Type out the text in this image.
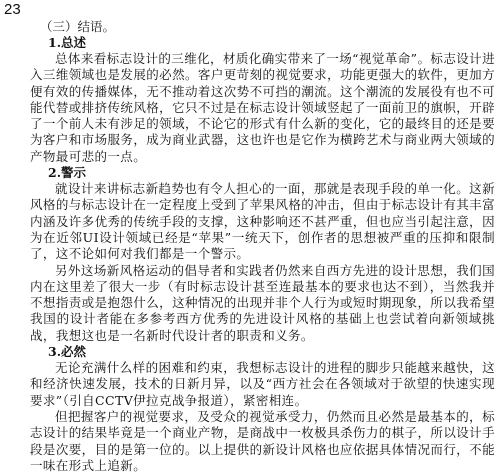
23
（三）结语。
1.总述

总体来看标志设计的三维化，材质化确实带来了一场“视觉革命”。标志设计进入三维领域也是发展的必然。客户更苛刻的视觉要求，功能更强大的软件，更加方便有效的传播媒体，无不推动着这次势不可挡的潮流。这个潮流的发展役有也不可能代替或排挤传统风格，它只不过是在标志设计领域竖起了一面前卫的旗帜，开辟了一个前人未有涉足的领域，不论它的形式有什么新的变化，它的最终目的还是要为客户和市场服务，成为商业武器，这也许也是它作为横跨艺术与商业两大领域的产物最可悲的一点。

2.警示

就设计来讲标志新趋势也有令人担心的一面，那就是表现手段的单一化。这新风格的与标志设计在一定程度上受到了苹果风格的冲击，但由于标志设计有其丰富内涵及许多优秀的传统手段的支撑，这种影响还不甚严重，但也应当引起注意，因为在近邻UI设计领域已经是“苹果”一统天下，创作者的思想被严重的压抑和限制了，这不论如何对我们都是一个警示。

另外这场新风格运动的倡导者和实践者仍然来自西方先进的设计思想，我们国内在这里差了很大一步（有时标志设计甚至连最基本的要求也达不到），当然我并不想指责或是抱怨什么，这种情况的出现并非个人行为或短时期现象，所以我希望我国的设计者能在多参考西方优秀的先进设计风格的基础上也尝试着向新领域挑战，我想这也是一名新时代设计者的职责和义务。

3.必然

无论充满什么样的困难和约束，我想标志设计的进程的脚步只能越来越快，这和经济快速发展，技术的日新月异，以及“西方社会在各领域对于欲望的快速实现要求”（引自CCTV伊拉克战争报道），紧密相连。

但把握客户的视觉要求，及受众的视觉承受力，仍然而且必然是最基本的，标志设计的结果毕竟是一个商业产物，是商战中一枚极具杀伤力的棋子，所以设计手段是次要，目的是第一位的。以上提供的新设计风格也应依据具体情况而行，不能一味在形式上追新。
